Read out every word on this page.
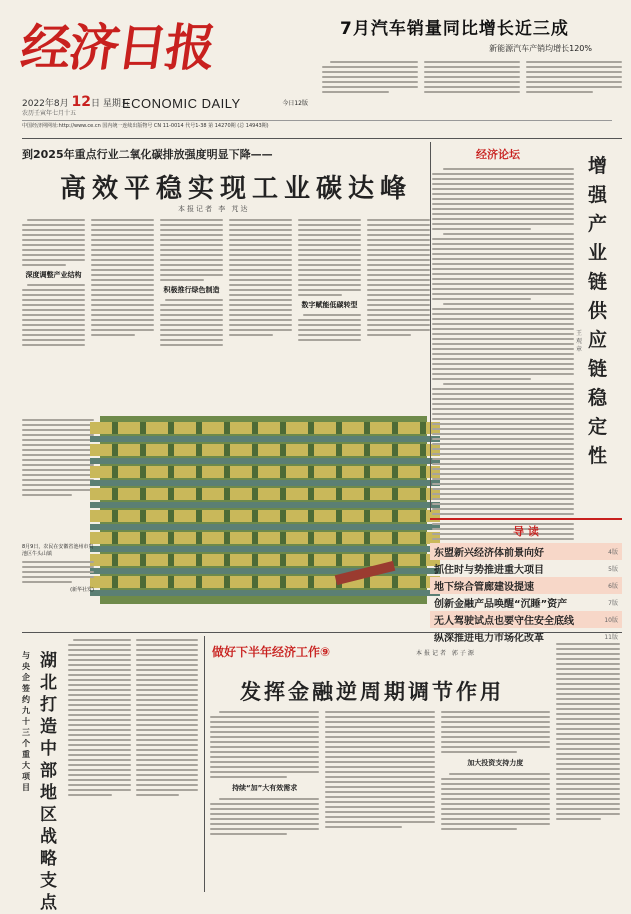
经济日报
2022年8月 12日 星期五
农历壬寅年七月十五
ECONOMIC DAILY	今日12版
中国经济网网址:http://www.ce.cn 国内统一连续出版物号 CN 11-0014 代号1-38 第 14270期 (总 14943期)
7月汽车销量同比增长近三成
新能源汽车产销均增长120%
到2025年重点行业二氧化碳排放强度明显下降——
高效平稳实现工业碳达峰
本报记者 李 芃达
深度调整产业结构
积极推行绿色制造
数字赋能低碳转型
8月9日，农民在安徽省池州市贵池区牛头山镇
(新华社发)
经济论坛
增强产业链供应链稳定性
王观章
导 读
东盟新兴经济体前景向好	4版
抓住时与势推进重大项目	5版
地下综合管廊建设提速	6版
创新金融产品唤醒“沉睡”资产	7版
无人驾驶试点也要守住安全底线	10版
纵深推进电力市场化改革	11版
与央企签约九十三个重大项目
湖北打造中部地区战略支点
做好下半年经济工作⑨	本报记者 郭子源
发挥金融逆周期调节作用
持续“加”大有效需求
加大投资支持力度
